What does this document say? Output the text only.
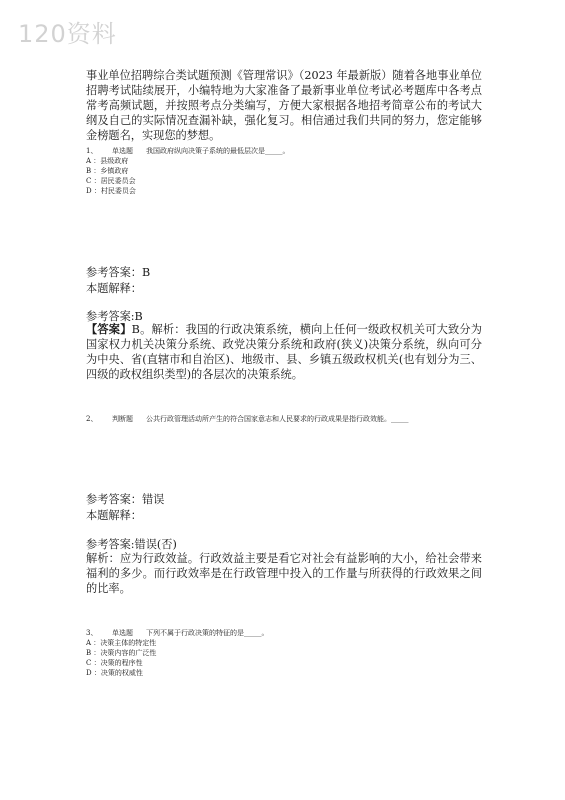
120资料
事业单位招聘综合类试题预测《管理常识》（2023 年最新版）随着各地事业单位招聘考试陆续展开，小编特地为大家准备了最新事业单位考试必考题库中各考点常考高频试题，并按照考点分类编写，方便大家根据各地招考简章公布的考试大纲及自己的实际情况查漏补缺，强化复习。相信通过我们共同的努力，您定能够金榜题名，实现您的梦想。
1、	单选题	我国政府纵向决策子系统的最低层次是_____。
A ：县级政府
B ：乡镇政府
C ：居民委员会
D ：村民委员会
参考答案：B
本题解释：
参考答案:B
【答案】B。解析：我国的行政决策系统，横向上任何一级政权机关可大致分为国家权力机关决策分系统、政党决策分系统和政府(狭义)决策分系统，纵向可分为中央、省(直辖市和自治区)、地级市、县、乡镇五级政权机关(也有划分为三、四级的政权组织类型)的各层次的决策系统。
2、	判断题	公共行政管理活动所产生的符合国家意志和人民要求的行政成果是指行政效能。_____
参考答案：错误
本题解释：
参考答案:错误(否)
解析：应为行政效益。行政效益主要是看它对社会有益影响的大小，给社会带来福利的多少。而行政效率是在行政管理中投入的工作量与所获得的行政效果之间的比率。
3、	单选题	下列不属于行政决策的特征的是_____。
A ：决策主体的特定性
B ：决策内容的广泛性
C ：决策的程序性
D ：决策的权威性
